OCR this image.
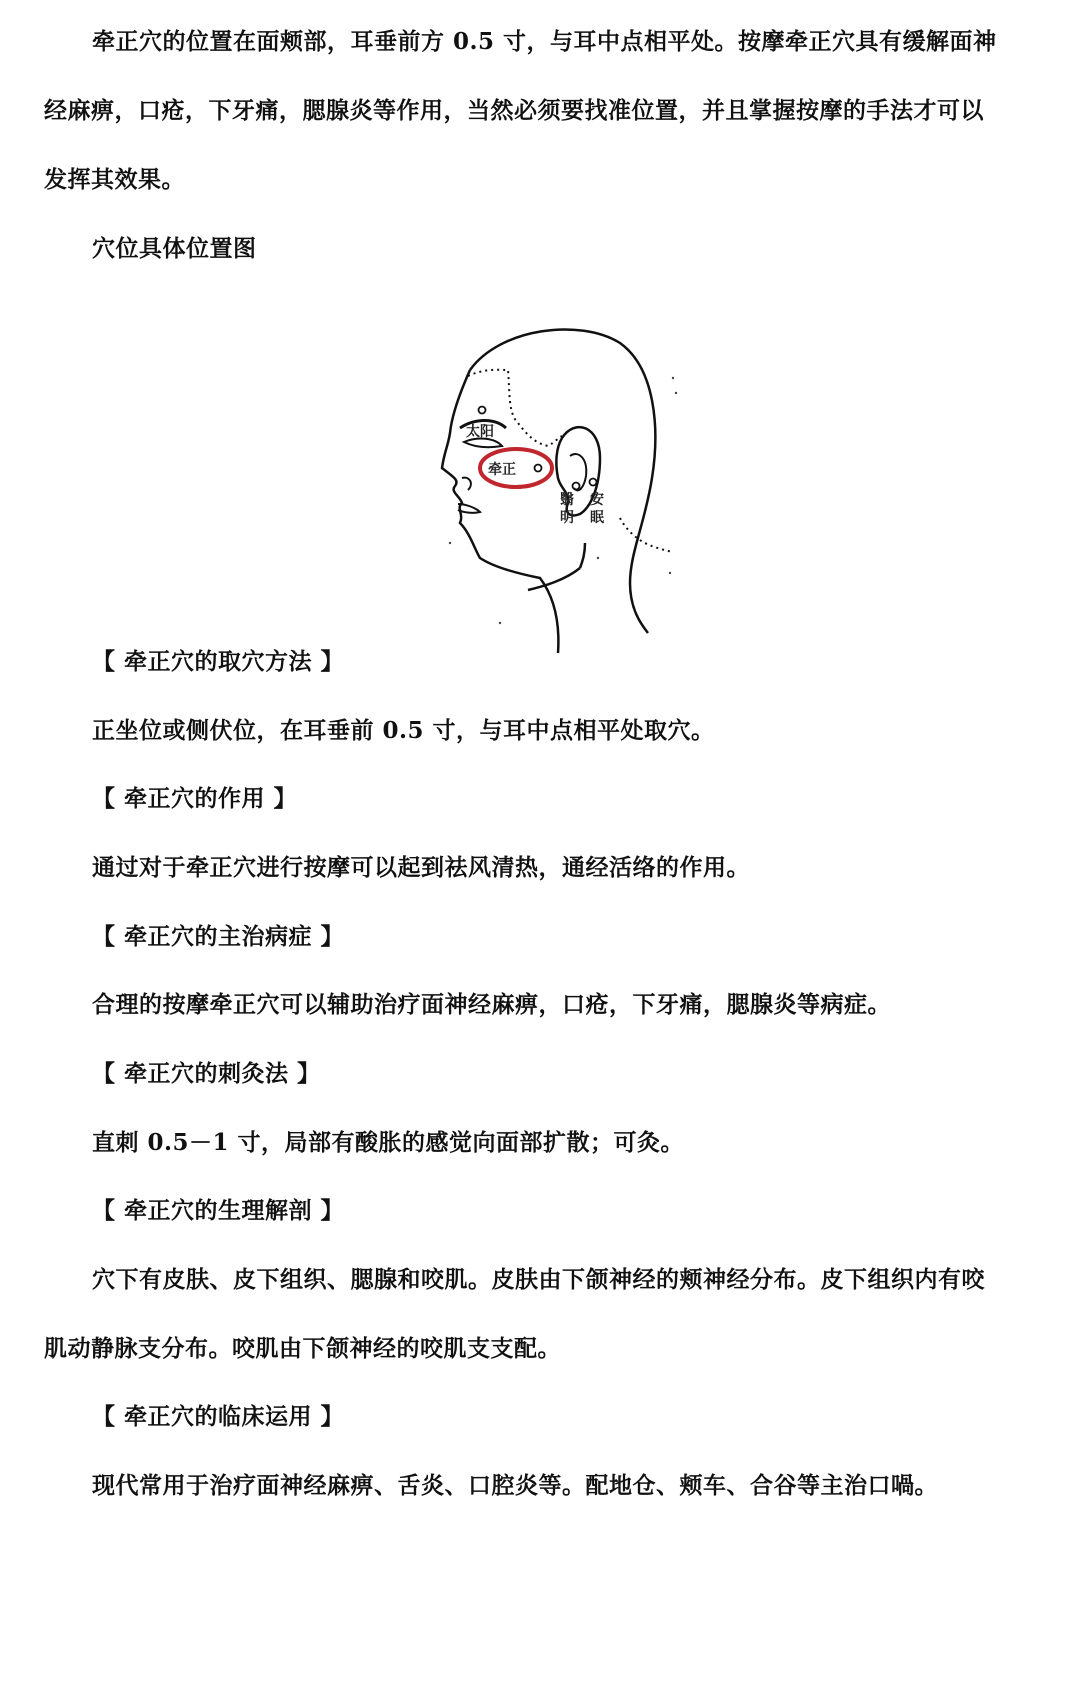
牵正穴的位置在面颊部，耳垂前方 0.5 寸，与耳中点相平处。按摩牵正穴具有缓解面神
经麻痹，口疮，下牙痛，腮腺炎等作用，当然必须要找准位置，并且掌握按摩的手法才可以
发挥其效果。
穴位具体位置图
太阳
牵正
翳
明
安
眠
【 牵正穴的取穴方法 】
正坐位或侧伏位，在耳垂前 0.5 寸，与耳中点相平处取穴。
【 牵正穴的作用 】
通过对于牵正穴进行按摩可以起到祛风清热，通经活络的作用。
【 牵正穴的主治病症 】
合理的按摩牵正穴可以辅助治疗面神经麻痹，口疮，下牙痛，腮腺炎等病症。
【 牵正穴的刺灸法 】
直刺 0.5－1 寸，局部有酸胀的感觉向面部扩散；可灸。
【 牵正穴的生理解剖 】
穴下有皮肤、皮下组织、腮腺和咬肌。皮肤由下颌神经的颊神经分布。皮下组织内有咬
肌动静脉支分布。咬肌由下颌神经的咬肌支支配。
【 牵正穴的临床运用 】
现代常用于治疗面神经麻痹、舌炎、口腔炎等。配地仓、颊车、合谷等主治口喎。
